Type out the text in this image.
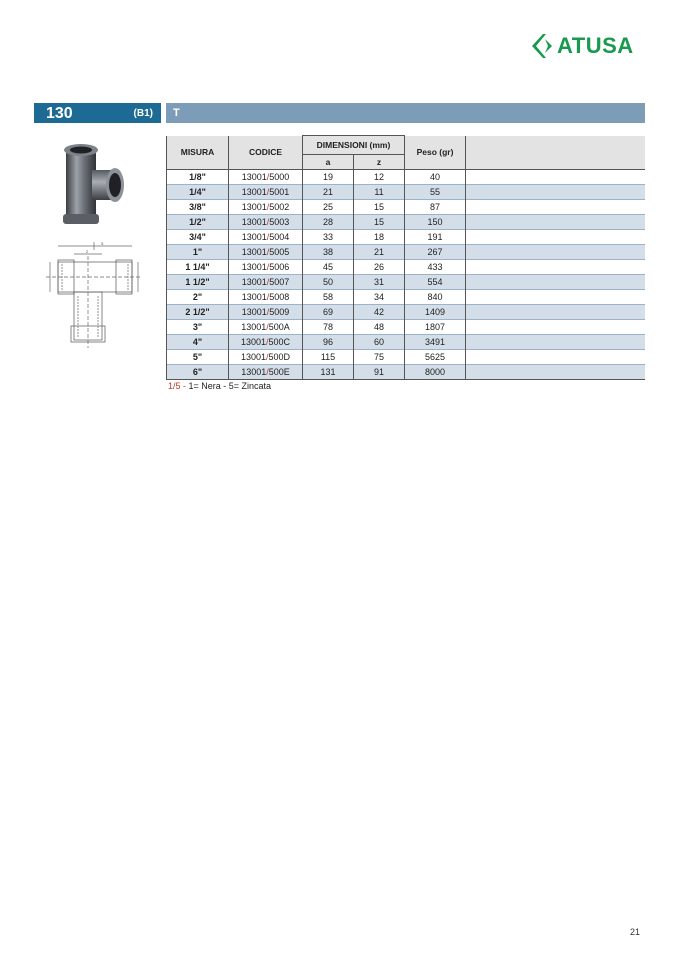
ATUSA
130	(B1) T
a
z
MISURA	CODICE	DIMENSIONI (mm)		Peso (gr)	
		a	z		
1/8"	13001/5000	19	12	40	
1/4"	13001/5001	21	11	55	
3/8"	13001/5002	25	15	87	
1/2"	13001/5003	28	15	150	
3/4"	13001/5004	33	18	191	
1"	13001/5005	38	21	267	
1 1/4"	13001/5006	45	26	433	
1 1/2"	13001/5007	50	31	554	
2"	13001/5008	58	34	840	
2 1/2"	13001/5009	69	42	1409	
3"	13001/500A	78	48	1807	
4"	13001/500C	96	60	3491	
5"	13001/500D	115	75	5625	
6"	13001/500E	131	91	8000	
1/5 - 1= Nera - 5= Zincata
21
